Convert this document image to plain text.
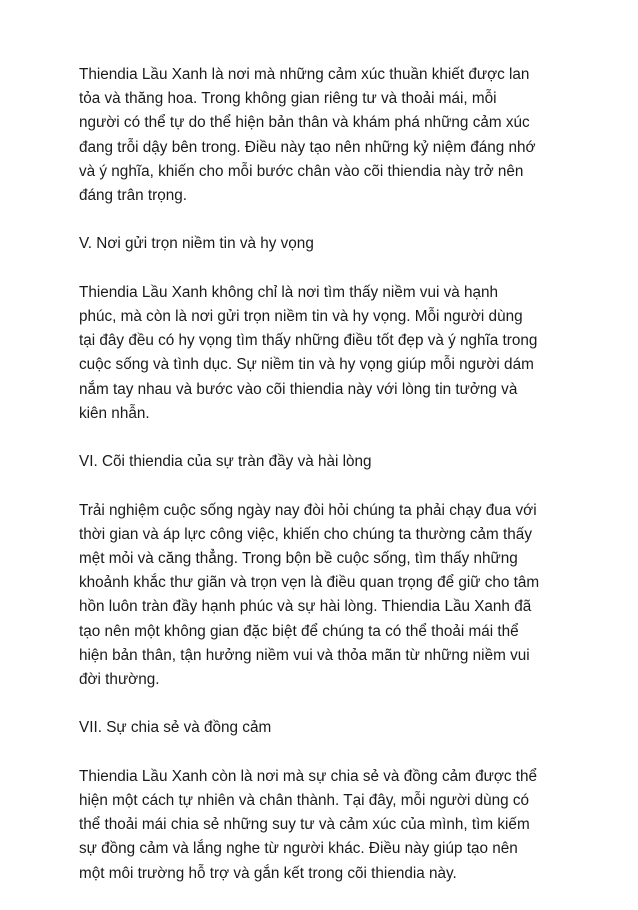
Thiendia Lầu Xanh là nơi mà những cảm xúc thuần khiết được lan
tỏa và thăng hoa. Trong không gian riêng tư và thoải mái, mỗi
người có thể tự do thể hiện bản thân và khám phá những cảm xúc
đang trỗi dậy bên trong. Điều này tạo nên những kỷ niệm đáng nhớ
và ý nghĩa, khiến cho mỗi bước chân vào cõi thiendia này trở nên
đáng trân trọng.
V. Nơi gửi trọn niềm tin và hy vọng
Thiendia Lầu Xanh không chỉ là nơi tìm thấy niềm vui và hạnh
phúc, mà còn là nơi gửi trọn niềm tin và hy vọng. Mỗi người dùng
tại đây đều có hy vọng tìm thấy những điều tốt đẹp và ý nghĩa trong
cuộc sống và tình dục. Sự niềm tin và hy vọng giúp mỗi người dám
nắm tay nhau và bước vào cõi thiendia này với lòng tin tưởng và
kiên nhẫn.
VI. Cõi thiendia của sự tràn đầy và hài lòng
Trải nghiệm cuộc sống ngày nay đòi hỏi chúng ta phải chạy đua với
thời gian và áp lực công việc, khiến cho chúng ta thường cảm thấy
mệt mỏi và căng thẳng. Trong bộn bề cuộc sống, tìm thấy những
khoảnh khắc thư giãn và trọn vẹn là điều quan trọng để giữ cho tâm
hồn luôn tràn đầy hạnh phúc và sự hài lòng. Thiendia Lầu Xanh đã
tạo nên một không gian đặc biệt để chúng ta có thể thoải mái thể
hiện bản thân, tận hưởng niềm vui và thỏa mãn từ những niềm vui
đời thường.
VII. Sự chia sẻ và đồng cảm
Thiendia Lầu Xanh còn là nơi mà sự chia sẻ và đồng cảm được thể
hiện một cách tự nhiên và chân thành. Tại đây, mỗi người dùng có
thể thoải mái chia sẻ những suy tư và cảm xúc của mình, tìm kiếm
sự đồng cảm và lắng nghe từ người khác. Điều này giúp tạo nên
một môi trường hỗ trợ và gắn kết trong cõi thiendia này.
